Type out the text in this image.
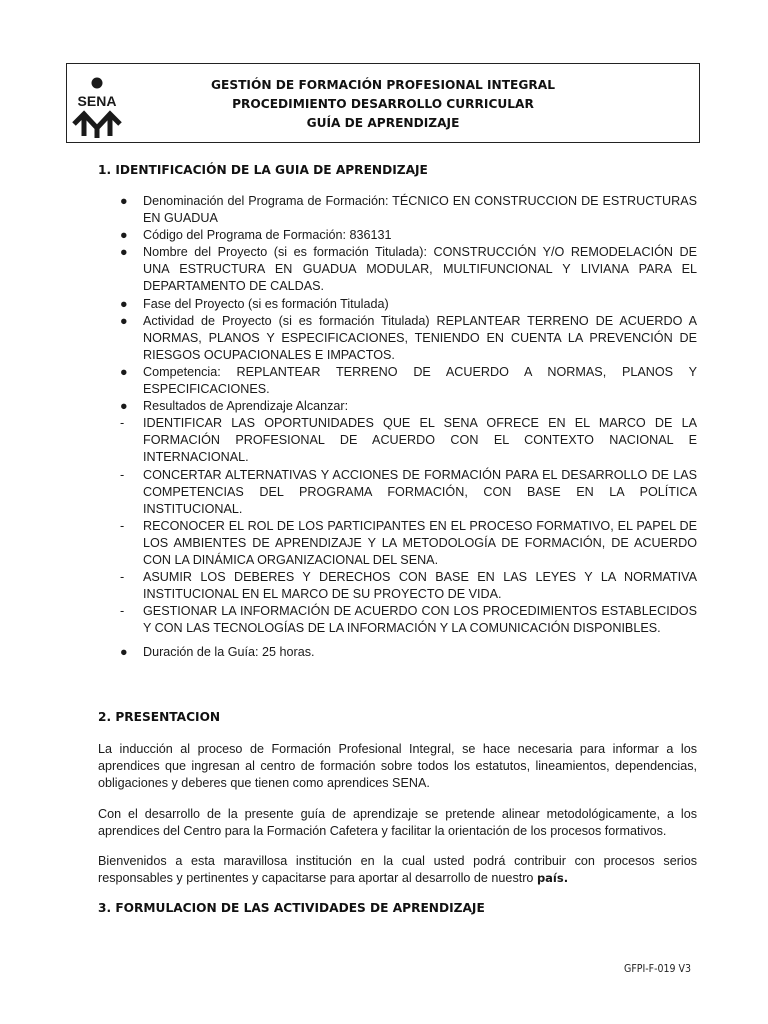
SENA
GESTIÓN DE FORMACIÓN PROFESIONAL INTEGRAL
PROCEDIMIENTO DESARROLLO CURRICULAR
GUÍA DE APRENDIZAJE
1. IDENTIFICACIÓN DE LA GUIA DE APRENDIZAJE
● Denominación del Programa de Formación: TÉCNICO EN CONSTRUCCION DE ESTRUCTURAS EN GUADUA
● Código del Programa de Formación: 836131
● Nombre del Proyecto (si es formación Titulada): CONSTRUCCIÓN Y/O REMODELACIÓN DE UNA ESTRUCTURA EN GUADUA MODULAR, MULTIFUNCIONAL Y LIVIANA PARA EL DEPARTAMENTO DE CALDAS.
● Fase del Proyecto (si es formación Titulada)
● Actividad de Proyecto (si es formación Titulada) REPLANTEAR TERRENO DE ACUERDO A NORMAS, PLANOS Y ESPECIFICACIONES, TENIENDO EN CUENTA LA PREVENCIÓN DE RIESGOS OCUPACIONALES E IMPACTOS.
● Competencia: REPLANTEAR TERRENO DE ACUERDO A NORMAS, PLANOS Y ESPECIFICACIONES.
● Resultados de Aprendizaje Alcanzar:
- IDENTIFICAR LAS OPORTUNIDADES QUE EL SENA OFRECE EN EL MARCO DE LA FORMACIÓN PROFESIONAL DE ACUERDO CON EL CONTEXTO NACIONAL E INTERNACIONAL.
- CONCERTAR ALTERNATIVAS Y ACCIONES DE FORMACIÓN PARA EL DESARROLLO DE LAS COMPETENCIAS DEL PROGRAMA FORMACIÓN, CON BASE EN LA POLÍTICA INSTITUCIONAL.
- RECONOCER EL ROL DE LOS PARTICIPANTES EN EL PROCESO FORMATIVO, EL PAPEL DE LOS AMBIENTES DE APRENDIZAJE Y LA METODOLOGÍA DE FORMACIÓN, DE ACUERDO CON LA DINÁMICA ORGANIZACIONAL DEL SENA.
- ASUMIR LOS DEBERES Y DERECHOS CON BASE EN LAS LEYES Y LA NORMATIVA INSTITUCIONAL EN EL MARCO DE SU PROYECTO DE VIDA.
- GESTIONAR LA INFORMACIÓN DE ACUERDO CON LOS PROCEDIMIENTOS ESTABLECIDOS Y CON LAS TECNOLOGÍAS DE LA INFORMACIÓN Y LA COMUNICACIÓN DISPONIBLES.
● Duración de la Guía: 25 horas.
2. PRESENTACION
La inducción al proceso de Formación Profesional Integral, se hace necesaria para informar a los aprendices que ingresan al centro de formación sobre todos los estatutos, lineamientos, dependencias, obligaciones y deberes que tienen como aprendices SENA.
Con el desarrollo de la presente guía de aprendizaje se pretende alinear metodológicamente, a los aprendices del Centro para la Formación Cafetera y facilitar la orientación de los procesos formativos.
Bienvenidos a esta maravillosa institución en la cual usted podrá contribuir con procesos serios responsables y pertinentes y capacitarse para aportar al desarrollo de nuestro país.
3. FORMULACION DE LAS ACTIVIDADES DE APRENDIZAJE
GFPI-F-019 V3
